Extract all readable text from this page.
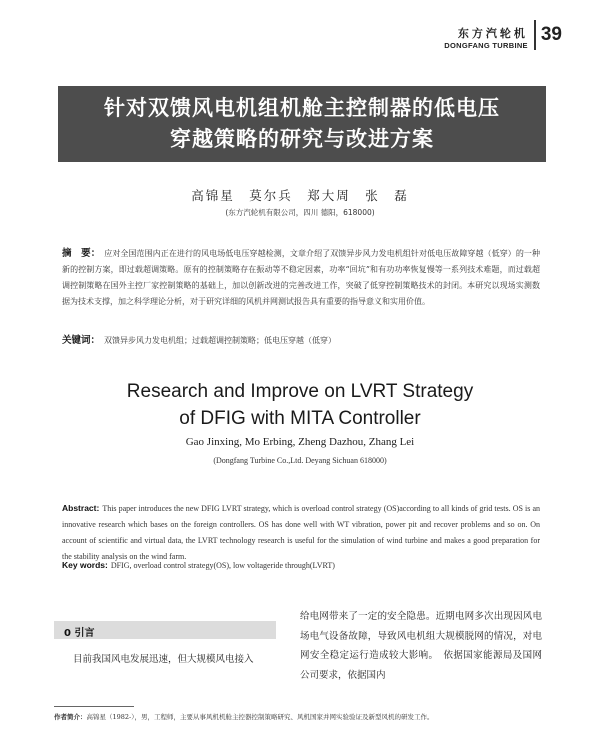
东方汽轮机
DONGFANG TURBINE
39
针对双馈风电机组机舱主控制器的低电压
穿越策略的研究与改进方案
高锦星　莫尔兵　郑大周　张　磊
(东方汽轮机有限公司，四川 德阳，618000)
摘　要： 应对全国范围内正在进行的风电场低电压穿越检测，文章介绍了双馈异步风力发电机组针对低电压故障穿越（低穿）的一种新的控制方案，即过载超调策略。原有的控制策略存在振动等不稳定因素，功率“回坑”和有功功率恢复慢等一系列技术难题，而过载超调控制策略在国外主控厂家控制策略的基础上，加以创新改进的完善改进工作，突破了低穿控制策略技术的封闭。本研究以现场实测数据为技术支撑，加之科学理论分析，对于研究详细的风机并网测试报告具有重要的指导意义和实用价值。
关键词： 双馈异步风力发电机组；过载超调控制策略；低电压穿越（低穿）
Research and Improve on LVRT Strategy
of DFIG with MITA Controller
Gao Jinxing, Mo Erbing, Zheng Dazhou, Zhang Lei
(Dongfang Turbine Co.,Ltd. Deyang Sichuan 618000)
Abstract: This paper introduces the new DFIG LVRT strategy, which is overload control strategy (OS)according to all kinds of grid tests. OS is an innovative research which bases on the foreign controllers. OS has done well with WT vibration, power pit and recover problems and so on. On account of scientific and virtual data, the LVRT technology research is useful for the simulation of wind turbine and makes a good preparation for the stability analysis on the wind farm.
Key words: DFIG, overload control strategy(OS), low voltageride through(LVRT)
0 引言
目前我国风电发展迅速，但大规模风电接入
给电网带来了一定的安全隐患。近期电网多次出现因风电场电气设备故障，导致风电机组大规模脱网的情况，对电网安全稳定运行造成较大影响。　依据国家能源局及国网公司要求，依据国内
作者简介：高锦星（1982-），男，工程师，主要从事风机机舱主控器控制策略研究、风机国家并网实验验证及新型风机的研发工作。
